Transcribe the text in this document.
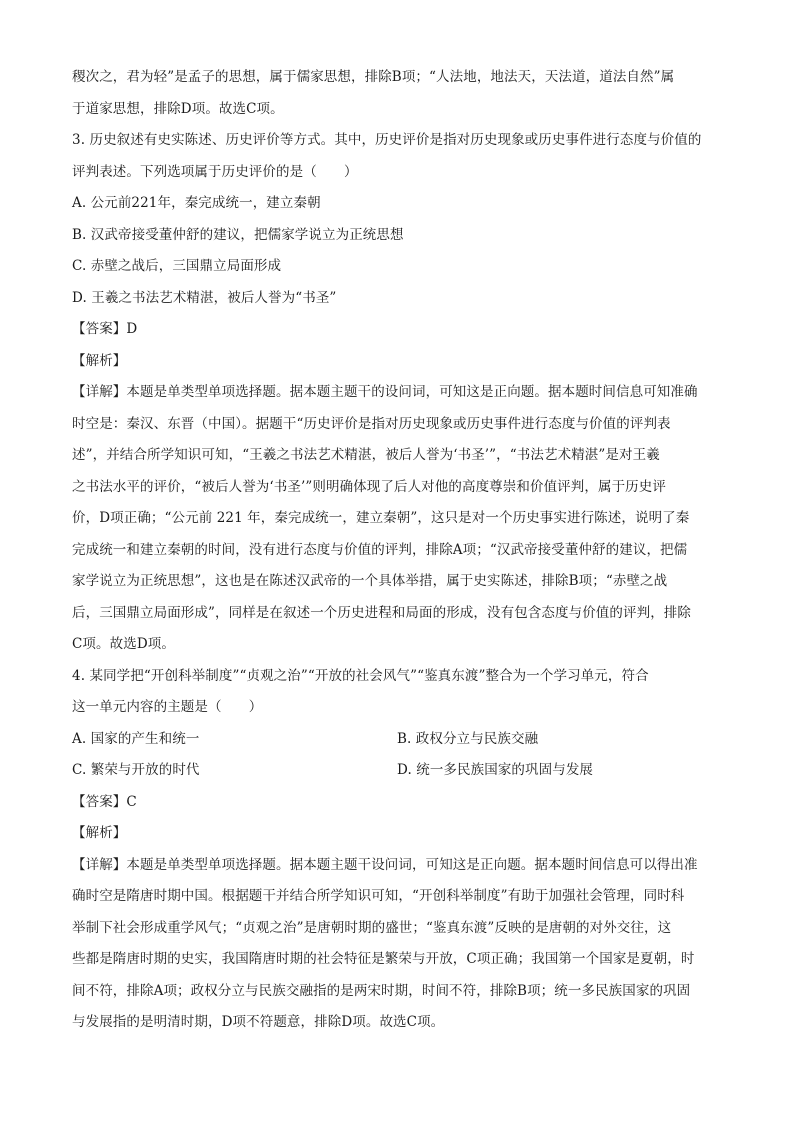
稷次之，君为轻”是孟子的思想，属于儒家思想，排除B项；“人法地，地法天，天法道，道法自然”属
于道家思想，排除D项。故选C项。
3. 历史叙述有史实陈述、历史评价等方式。其中，历史评价是指对历史现象或历史事件进行态度与价值的
评判表述。下列选项属于历史评价的是（　　）
A. 公元前221年，秦完成统一，建立秦朝
B. 汉武帝接受董仲舒的建议，把儒家学说立为正统思想
C. 赤壁之战后，三国鼎立局面形成
D. 王羲之书法艺术精湛，被后人誉为“书圣”
【答案】D
【解析】
【详解】本题是单类型单项选择题。据本题主题干的设问词，可知这是正向题。据本题时间信息可知准确
时空是：秦汉、东晋（中国）。据题干“历史评价是指对历史现象或历史事件进行态度与价值的评判表
述”，并结合所学知识可知，“王羲之书法艺术精湛，被后人誉为‘书圣’”，“书法艺术精湛”是对王羲
之书法水平的评价，“被后人誉为‘书圣’”则明确体现了后人对他的高度尊崇和价值评判，属于历史评
价，D项正确；“公元前 221 年，秦完成统一，建立秦朝”，这只是对一个历史事实进行陈述，说明了秦
完成统一和建立秦朝的时间，没有进行态度与价值的评判，排除A项；“汉武帝接受董仲舒的建议，把儒
家学说立为正统思想”，这也是在陈述汉武帝的一个具体举措，属于史实陈述，排除B项；“赤壁之战
后，三国鼎立局面形成”，同样是在叙述一个历史进程和局面的形成，没有包含态度与价值的评判，排除
C项。故选D项。
4. 某同学把“开创科举制度”“贞观之治”“开放的社会风气”“鉴真东渡”整合为一个学习单元，符合
这一单元内容的主题是（　　）
A. 国家的产生和统一	B. 政权分立与民族交融
C. 繁荣与开放的时代	D. 统一多民族国家的巩固与发展
【答案】C
【解析】
【详解】本题是单类型单项选择题。据本题主题干设问词，可知这是正向题。据本题时间信息可以得出准
确时空是隋唐时期中国。根据题干并结合所学知识可知，“开创科举制度”有助于加强社会管理，同时科
举制下社会形成重学风气；“贞观之治”是唐朝时期的盛世；“鉴真东渡”反映的是唐朝的对外交往，这
些都是隋唐时期的史实，我国隋唐时期的社会特征是繁荣与开放，C项正确；我国第一个国家是夏朝，时
间不符，排除A项；政权分立与民族交融指的是两宋时期，时间不符，排除B项；统一多民族国家的巩固
与发展指的是明清时期，D项不符题意，排除D项。故选C项。
